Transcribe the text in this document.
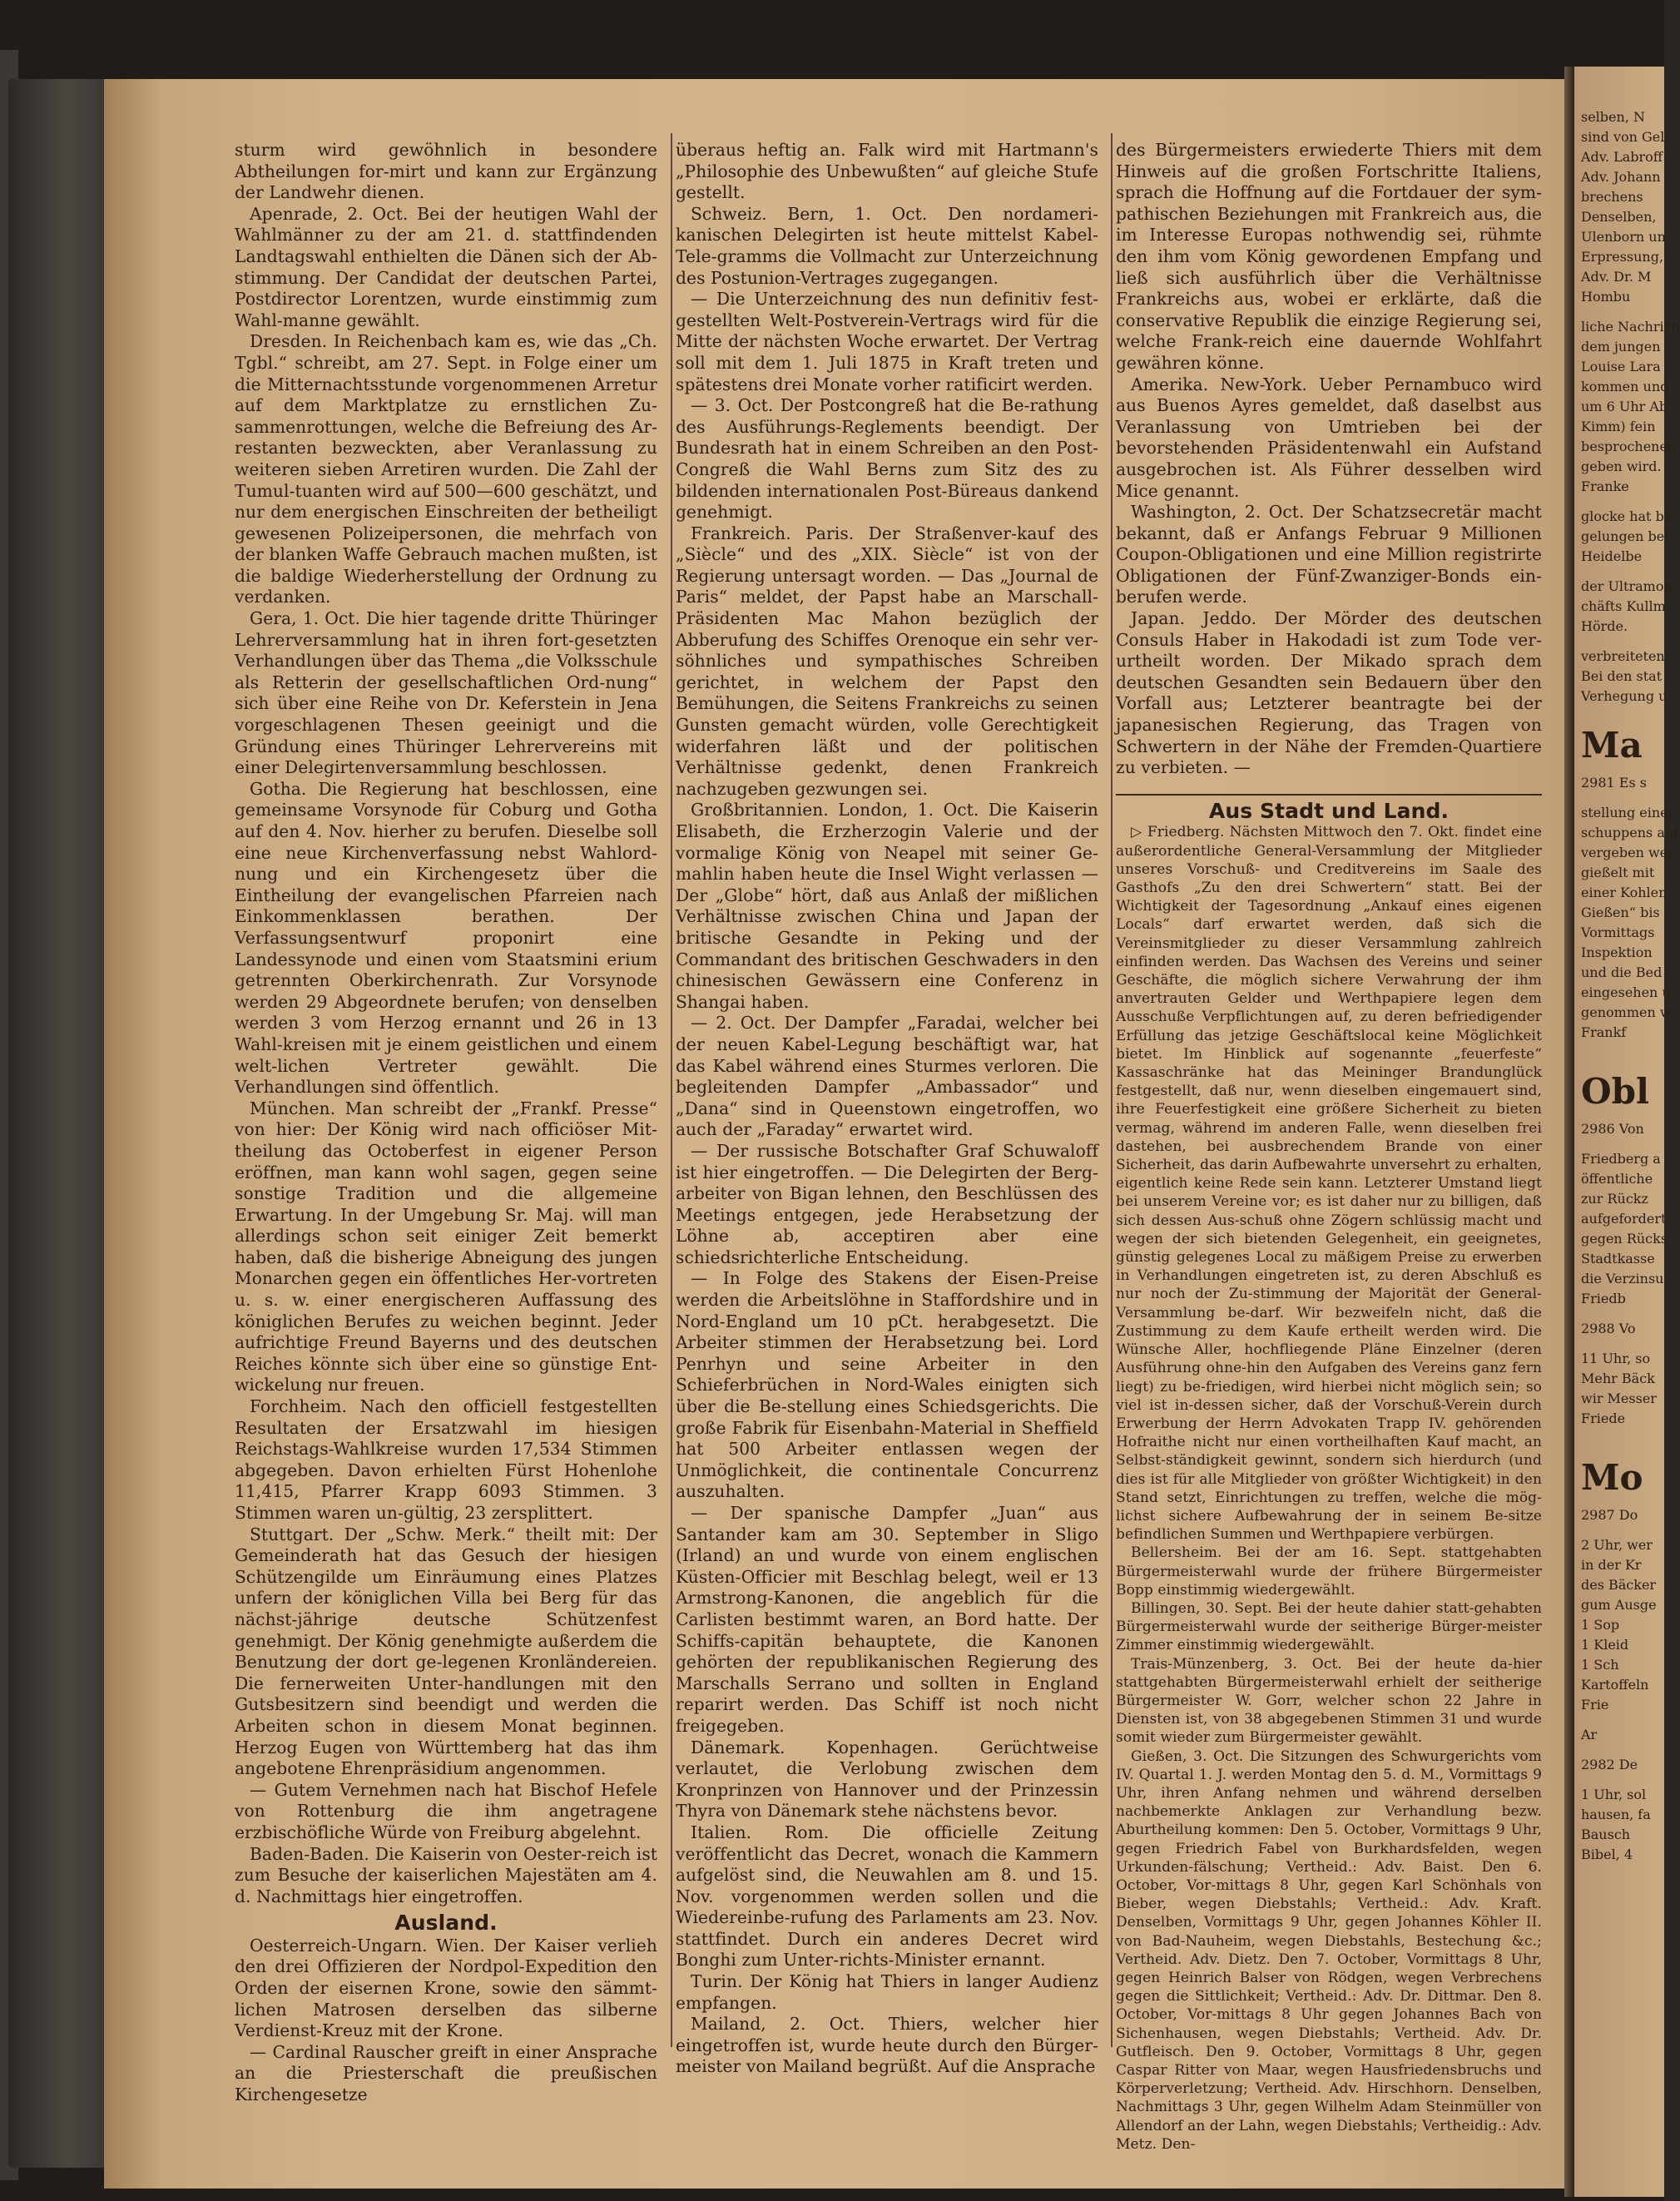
sturm wird gewöhnlich in besondere Abtheilungen for-mirt und kann zur Ergänzung der Landwehr dienen.

Apenrade, 2. Oct. Bei der heutigen Wahl der Wahlmänner zu der am 21. d. stattfindenden Landtagswahl enthielten die Dänen sich der Ab-stimmung. Der Candidat der deutschen Partei, Postdirector Lorentzen, wurde einstimmig zum Wahl-manne gewählt.

Dresden. In Reichenbach kam es, wie das „Ch. Tgbl.“ schreibt, am 27. Sept. in Folge einer um die Mitternachtsstunde vorgenommenen Arretur auf dem Marktplatze zu ernstlichen Zu-sammenrottungen, welche die Befreiung des Ar-restanten bezweckten, aber Veranlassung zu weiteren sieben Arretiren wurden. Die Zahl der Tumul-tuanten wird auf 500—600 geschätzt, und nur dem energischen Einschreiten der betheiligt gewesenen Polizeipersonen, die mehrfach von der blanken Waffe Gebrauch machen mußten, ist die baldige Wiederherstellung der Ordnung zu verdanken.

Gera, 1. Oct. Die hier tagende dritte Thüringer Lehrerversammlung hat in ihren fort-gesetzten Verhandlungen über das Thema „die Volksschule als Retterin der gesellschaftlichen Ord-nung“ sich über eine Reihe von Dr. Keferstein in Jena vorgeschlagenen Thesen geeinigt und die Gründung eines Thüringer Lehrervereins mit einer Delegirtenversammlung beschlossen.

Gotha. Die Regierung hat beschlossen, eine gemeinsame Vorsynode für Coburg und Gotha auf den 4. Nov. hierher zu berufen. Dieselbe soll eine neue Kirchenverfassung nebst Wahlord-nung und ein Kirchengesetz über die Eintheilung der evangelischen Pfarreien nach Einkommenklassen berathen. Der Verfassungsentwurf proponirt eine Landessynode und einen vom Staatsmini erium getrennten Oberkirchenrath. Zur Vorsynode werden 29 Abgeordnete berufen; von denselben werden 3 vom Herzog ernannt und 26 in 13 Wahl-kreisen mit je einem geistlichen und einem welt-lichen Vertreter gewählt. Die Verhandlungen sind öffentlich.

München. Man schreibt der „Frankf. Presse“ von hier: Der König wird nach officiöser Mit-theilung das Octoberfest in eigener Person eröffnen, man kann wohl sagen, gegen seine sonstige Tradition und die allgemeine Erwartung. In der Umgebung Sr. Maj. will man allerdings schon seit einiger Zeit bemerkt haben, daß die bisherige Abneigung des jungen Monarchen gegen ein öffentliches Her-vortreten u. s. w. einer energischeren Auffassung des königlichen Berufes zu weichen beginnt. Jeder aufrichtige Freund Bayerns und des deutschen Reiches könnte sich über eine so günstige Ent-wickelung nur freuen.

Forchheim. Nach den officiell festgestellten Resultaten der Ersatzwahl im hiesigen Reichstags-Wahlkreise wurden 17,534 Stimmen abgegeben. Davon erhielten Fürst Hohenlohe 11,415, Pfarrer Krapp 6093 Stimmen. 3 Stimmen waren un-gültig, 23 zersplittert.

Stuttgart. Der „Schw. Merk.“ theilt mit: Der Gemeinderath hat das Gesuch der hiesigen Schützengilde um Einräumung eines Platzes unfern der königlichen Villa bei Berg für das nächst-jährige deutsche Schützenfest genehmigt. Der König genehmigte außerdem die Benutzung der dort ge-legenen Kronländereien. Die fernerweiten Unter-handlungen mit den Gutsbesitzern sind beendigt und werden die Arbeiten schon in diesem Monat beginnen. Herzog Eugen von Württemberg hat das ihm angebotene Ehrenpräsidium angenommen.

— Gutem Vernehmen nach hat Bischof Hefele von Rottenburg die ihm angetragene erzbischöfliche Würde von Freiburg abgelehnt.

Baden-Baden. Die Kaiserin von Oester-reich ist zum Besuche der kaiserlichen Majestäten am 4. d. Nachmittags hier eingetroffen.

Ausland.

Oesterreich-Ungarn. Wien. Der Kaiser verlieh den drei Offizieren der Nordpol-Expedition den Orden der eisernen Krone, sowie den sämmt-lichen Matrosen derselben das silberne Verdienst-Kreuz mit der Krone.

— Cardinal Rauscher greift in einer Ansprache an die Priesterschaft die preußischen Kirchengesetze

überaus heftig an. Falk wird mit Hartmann's „Philosophie des Unbewußten“ auf gleiche Stufe gestellt.

Schweiz. Bern, 1. Oct. Den nordameri-kanischen Delegirten ist heute mittelst Kabel-Tele-gramms die Vollmacht zur Unterzeichnung des Postunion-Vertrages zugegangen.

— Die Unterzeichnung des nun definitiv fest-gestellten Welt-Postverein-Vertrags wird für die Mitte der nächsten Woche erwartet. Der Vertrag soll mit dem 1. Juli 1875 in Kraft treten und spätestens drei Monate vorher ratificirt werden.

— 3. Oct. Der Postcongreß hat die Be-rathung des Ausführungs-Reglements beendigt. Der Bundesrath hat in einem Schreiben an den Post-Congreß die Wahl Berns zum Sitz des zu bildenden internationalen Post-Büreaus dankend genehmigt.

Frankreich. Paris. Der Straßenver-kauf des „Siècle“ und des „XIX. Siècle“ ist von der Regierung untersagt worden. — Das „Journal de Paris“ meldet, der Papst habe an Marschall-Präsidenten Mac Mahon bezüglich der Abberufung des Schiffes Orenoque ein sehr ver-söhnliches und sympathisches Schreiben gerichtet, in welchem der Papst den Bemühungen, die Seitens Frankreichs zu seinen Gunsten gemacht würden, volle Gerechtigkeit widerfahren läßt und der politischen Verhältnisse gedenkt, denen Frankreich nachzugeben gezwungen sei.

Großbritannien. London, 1. Oct. Die Kaiserin Elisabeth, die Erzherzogin Valerie und der vormalige König von Neapel mit seiner Ge-mahlin haben heute die Insel Wight verlassen — Der „Globe“ hört, daß aus Anlaß der mißlichen Verhältnisse zwischen China und Japan der britische Gesandte in Peking und der Commandant des britischen Geschwaders in den chinesischen Gewässern eine Conferenz in Shangai haben.

— 2. Oct. Der Dampfer „Faradai, welcher bei der neuen Kabel-Legung beschäftigt war, hat das Kabel während eines Sturmes verloren. Die begleitenden Dampfer „Ambassador“ und „Dana“ sind in Queenstown eingetroffen, wo auch der „Faraday“ erwartet wird.

— Der russische Botschafter Graf Schuwaloff ist hier eingetroffen. — Die Delegirten der Berg-arbeiter von Bigan lehnen, den Beschlüssen des Meetings entgegen, jede Herabsetzung der Löhne ab, acceptiren aber eine schiedsrichterliche Entscheidung.

— In Folge des Stakens der Eisen-Preise werden die Arbeitslöhne in Staffordshire und in Nord-England um 10 pCt. herabgesetzt. Die Arbeiter stimmen der Herabsetzung bei. Lord Penrhyn und seine Arbeiter in den Schieferbrüchen in Nord-Wales einigten sich über die Be-stellung eines Schiedsgerichts. Die große Fabrik für Eisenbahn-Material in Sheffield hat 500 Arbeiter entlassen wegen der Unmöglichkeit, die continentale Concurrenz auszuhalten.

— Der spanische Dampfer „Juan“ aus Santander kam am 30. September in Sligo (Irland) an und wurde von einem englischen Küsten-Officier mit Beschlag belegt, weil er 13 Armstrong-Kanonen, die angeblich für die Carlisten bestimmt waren, an Bord hatte. Der Schiffs-capitän behauptete, die Kanonen gehörten der republikanischen Regierung des Marschalls Serrano und sollten in England reparirt werden. Das Schiff ist noch nicht freigegeben.

Dänemark. Kopenhagen. Gerüchtweise verlautet, die Verlobung zwischen dem Kronprinzen von Hannover und der Prinzessin Thyra von Dänemark stehe nächstens bevor.

Italien. Rom. Die officielle Zeitung veröffentlicht das Decret, wonach die Kammern aufgelöst sind, die Neuwahlen am 8. und 15. Nov. vorgenommen werden sollen und die Wiedereinbe-rufung des Parlaments am 23. Nov. stattfindet. Durch ein anderes Decret wird Bonghi zum Unter-richts-Minister ernannt.

Turin. Der König hat Thiers in langer Audienz empfangen.

Mailand, 2. Oct. Thiers, welcher hier eingetroffen ist, wurde heute durch den Bürger-meister von Mailand begrüßt. Auf die Ansprache

des Bürgermeisters erwiederte Thiers mit dem Hinweis auf die großen Fortschritte Italiens, sprach die Hoffnung auf die Fortdauer der sym-pathischen Beziehungen mit Frankreich aus, die im Interesse Europas nothwendig sei, rühmte den ihm vom König gewordenen Empfang und ließ sich ausführlich über die Verhältnisse Frankreichs aus, wobei er erklärte, daß die conservative Republik die einzige Regierung sei, welche Frank-reich eine dauernde Wohlfahrt gewähren könne.

Amerika. New-York. Ueber Pernambuco wird aus Buenos Ayres gemeldet, daß daselbst aus Veranlassung von Umtrieben bei der bevorstehenden Präsidentenwahl ein Aufstand ausgebrochen ist. Als Führer desselben wird Mice genannt.

Washington, 2. Oct. Der Schatzsecretär macht bekannt, daß er Anfangs Februar 9 Millionen Coupon-Obligationen und eine Million registrirte Obligationen der Fünf-Zwanziger-Bonds ein-berufen werde.

Japan. Jeddo. Der Mörder des deutschen Consuls Haber in Hakodadi ist zum Tode ver-urtheilt worden. Der Mikado sprach dem deutschen Gesandten sein Bedauern über den Vorfall aus; Letzterer beantragte bei der japanesischen Regierung, das Tragen von Schwertern in der Nähe der Fremden-Quartiere zu verbieten. —

Aus Stadt und Land.

▷ Friedberg. Nächsten Mittwoch den 7. Okt. findet eine außerordentliche General-Versammlung der Mitglieder unseres Vorschuß- und Creditvereins im Saale des Gasthofs „Zu den drei Schwertern“ statt. Bei der Wichtigkeit der Tagesordnung „Ankauf eines eigenen Locals“ darf erwartet werden, daß sich die Vereinsmitglieder zu dieser Versammlung zahlreich einfinden werden. Das Wachsen des Vereins und seiner Geschäfte, die möglich sichere Verwahrung der ihm anvertrauten Gelder und Werthpapiere legen dem Ausschuße Verpflichtungen auf, zu deren befriedigender Erfüllung das jetzige Geschäftslocal keine Möglichkeit bietet. Im Hinblick auf sogenannte „feuerfeste“ Kassaschränke hat das Meininger Brandunglück festgestellt, daß nur, wenn dieselben eingemauert sind, ihre Feuerfestigkeit eine größere Sicherheit zu bieten vermag, während im anderen Falle, wenn dieselben frei dastehen, bei ausbrechendem Brande von einer Sicherheit, das darin Aufbewahrte unversehrt zu erhalten, eigentlich keine Rede sein kann. Letzterer Umstand liegt bei unserem Vereine vor; es ist daher nur zu billigen, daß sich dessen Aus-schuß ohne Zögern schlüssig macht und wegen der sich bietenden Gelegenheit, ein geeignetes, günstig gelegenes Local zu mäßigem Preise zu erwerben in Verhandlungen eingetreten ist, zu deren Abschluß es nur noch der Zu-stimmung der Majorität der General-Versammlung be-darf. Wir bezweifeln nicht, daß die Zustimmung zu dem Kaufe ertheilt werden wird. Die Wünsche Aller, hochfliegende Pläne Einzelner (deren Ausführung ohne-hin den Aufgaben des Vereins ganz fern liegt) zu be-friedigen, wird hierbei nicht möglich sein; so viel ist in-dessen sicher, daß der Vorschuß-Verein durch Erwerbung der Herrn Advokaten Trapp IV. gehörenden Hofraithe nicht nur einen vortheilhaften Kauf macht, an Selbst-ständigkeit gewinnt, sondern sich hierdurch (und dies ist für alle Mitglieder von größter Wichtigkeit) in den Stand setzt, Einrichtungen zu treffen, welche die mög-lichst sichere Aufbewahrung der in seinem Be-sitze befindlichen Summen und Werthpapiere verbürgen.

Bellersheim. Bei der am 16. Sept. stattgehabten Bürgermeisterwahl wurde der frühere Bürgermeister Bopp einstimmig wiedergewählt.

Billingen, 30. Sept. Bei der heute dahier statt-gehabten Bürgermeisterwahl wurde der seitherige Bürger-meister Zimmer einstimmig wiedergewählt.

Trais-Münzenberg, 3. Oct. Bei der heute da-hier stattgehabten Bürgermeisterwahl erhielt der seitherige Bürgermeister W. Gorr, welcher schon 22 Jahre in Diensten ist, von 38 abgegebenen Stimmen 31 und wurde somit wieder zum Bürgermeister gewählt.

Gießen, 3. Oct. Die Sitzungen des Schwurgerichts vom IV. Quartal 1. J. werden Montag den 5. d. M., Vormittags 9 Uhr, ihren Anfang nehmen und während derselben nachbemerkte Anklagen zur Verhandlung bezw. Aburtheilung kommen: Den 5. October, Vormittags 9 Uhr, gegen Friedrich Fabel von Burkhardsfelden, wegen Urkunden-fälschung; Vertheid.: Adv. Baist. Den 6. October, Vor-mittags 8 Uhr, gegen Karl Schönhals von Bieber, wegen Diebstahls; Vertheid.: Adv. Kraft. Denselben, Vormittags 9 Uhr, gegen Johannes Köhler II. von Bad-Nauheim, wegen Diebstahls, Bestechung &c.; Vertheid. Adv. Dietz. Den 7. October, Vormittags 8 Uhr, gegen Heinrich Balser von Rödgen, wegen Verbrechens gegen die Sittlichkeit; Vertheid.: Adv. Dr. Dittmar. Den 8. October, Vor-mittags 8 Uhr gegen Johannes Bach von Sichenhausen, wegen Diebstahls; Vertheid. Adv. Dr. Gutfleisch. Den 9. October, Vormittags 8 Uhr, gegen Caspar Ritter von Maar, wegen Hausfriedensbruchs und Körperverletzung; Vertheid. Adv. Hirschhorn. Denselben, Nachmittags 3 Uhr, gegen Wilhelm Adam Steinmüller von Allendorf an der Lahn, wegen Diebstahls; Vertheidig.: Adv. Metz. Den-

selben, N
sind von Gel
Adv. Labroff
Adv. Johann
brechens
Denselben,
Ulenborn un
Erpressung,
Adv. Dr. M
Hombu
liche Nachrich
dem jungen
Louise Lara
kommen und
um 6 Uhr Ab
Kimm) fein
besprochenen
geben wird.
Franke
glocke hat be
gelungen bei
Heidelbe
der Ultramon
chäfts Kullm
Hörde.
verbreiteten
Bei den stat
Verhegung u
Ma
2981 Es s
stellung einer
schuppens auf
vergeben wer
gießelt mit
einer Kohlen
Gießen“ bis
Vormittags
Inspektion
und die Bed
eingesehen u
genommen w
Frankf
Obl
2986 Von
Friedberg a
öffentliche
zur Rückz
aufgefordert
gegen Rücks
Stadtkasse
die Verzinsu
Friedb
2988 Vo
11 Uhr, so
Mehr Bäck
wir Messer
Friede
Mo
2987 Do
2 Uhr, wer
in der Kr
des Bäcker
gum Ausge
1 Sop
1 Kleid
1 Sch
Kartoffeln
Frie
Ar
2982 De
1 Uhr, sol
hausen, fa
Bausch
Bibel, 4
